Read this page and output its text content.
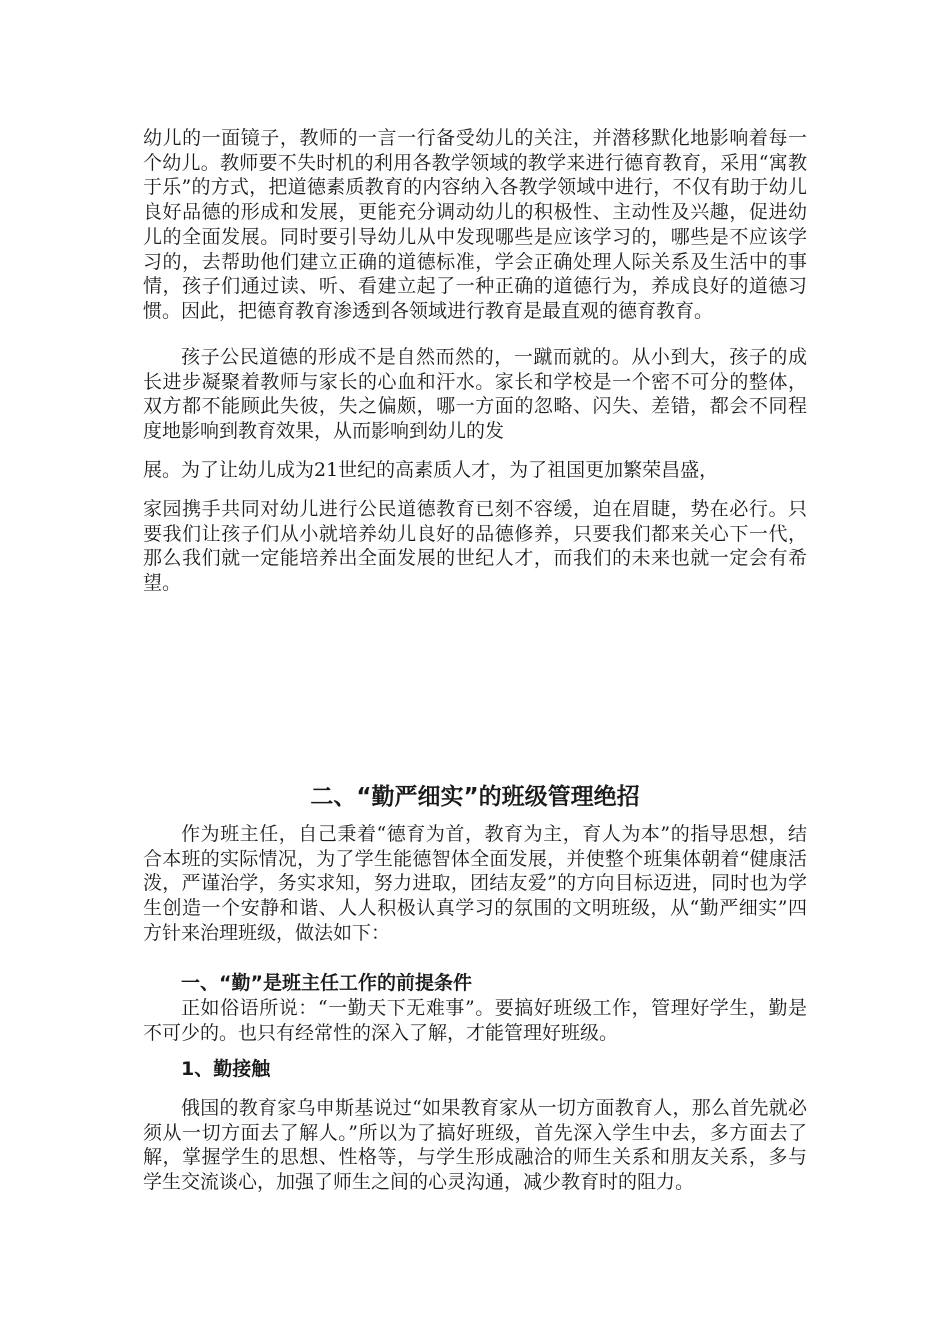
幼儿的一面镜子，教师的一言一行备受幼儿的关注，并潜移默化地影响着每一个幼儿。教师要不失时机的利用各教学领域的教学来进行德育教育，采用“寓教于乐”的方式，把道德素质教育的内容纳入各教学领域中进行，不仅有助于幼儿良好品德的形成和发展，更能充分调动幼儿的积极性、主动性及兴趣，促进幼儿的全面发展。同时要引导幼儿从中发现哪些是应该学习的，哪些是不应该学习的，去帮助他们建立正确的道德标准，学会正确处理人际关系及生活中的事情，孩子们通过读、听、看建立起了一种正确的道德行为，养成良好的道德习惯。因此，把德育教育渗透到各领域进行教育是最直观的德育教育。

孩子公民道德的形成不是自然而然的，一蹴而就的。从小到大，孩子的成长进步凝聚着教师与家长的心血和汗水。家长和学校是一个密不可分的整体，双方都不能顾此失彼，失之偏颇，哪一方面的忽略、闪失、差错，都会不同程度地影响到教育效果，从而影响到幼儿的发

展。为了让幼儿成为21世纪的高素质人才，为了祖国更加繁荣昌盛，

家园携手共同对幼儿进行公民道德教育已刻不容缓，迫在眉睫，势在必行。只要我们让孩子们从小就培养幼儿良好的品德修养，只要我们都来关心下一代，那么我们就一定能培养出全面发展的世纪人才，而我们的未来也就一定会有希望。

二、“勤严细实”的班级管理绝招

作为班主任，自己秉着“德育为首，教育为主，育人为本”的指导思想，结合本班的实际情况，为了学生能德智体全面发展，并使整个班集体朝着“健康活泼，严谨治学，务实求知，努力进取，团结友爱”的方向目标迈进，同时也为学生创造一个安静和谐、人人积极认真学习的氛围的文明班级，从“勤严细实”四方针来治理班级，做法如下：

一、“勤”是班主任工作的前提条件

正如俗语所说：“一勤天下无难事”。要搞好班级工作，管理好学生，勤是不可少的。也只有经常性的深入了解，才能管理好班级。

1、勤接触

俄国的教育家乌申斯基说过“如果教育家从一切方面教育人，那么首先就必须从一切方面去了解人。”所以为了搞好班级，首先深入学生中去，多方面去了解，掌握学生的思想、性格等，与学生形成融洽的师生关系和朋友关系，多与学生交流谈心，加强了师生之间的心灵沟通，减少教育时的阻力。
